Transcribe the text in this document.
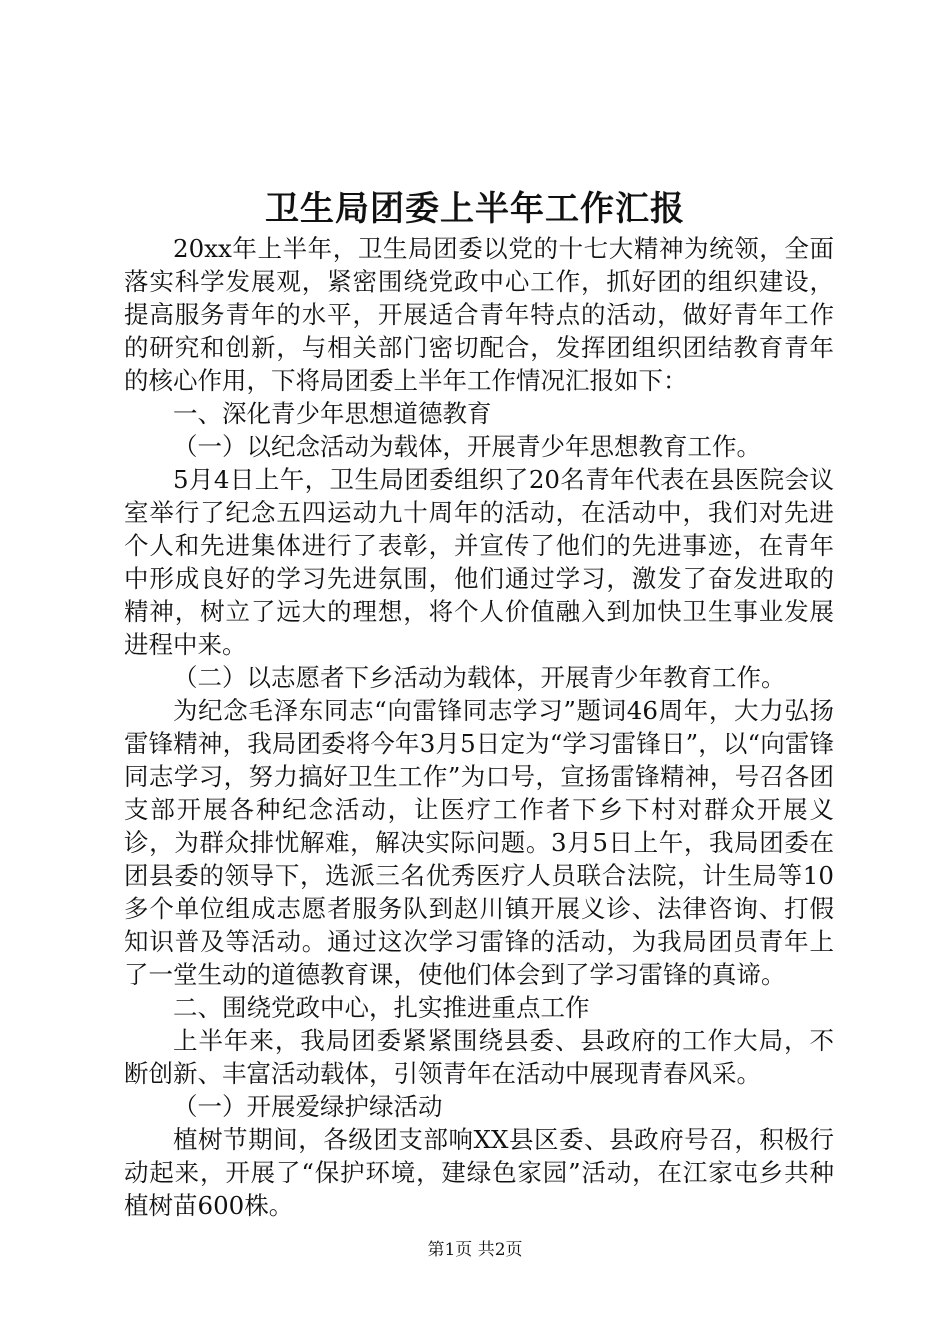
卫生局团委上半年工作汇报

20xx年上半年，卫生局团委以党的十七大精神为统领，全面落实科学发展观，紧密围绕党政中心工作，抓好团的组织建设，提高服务青年的水平，开展适合青年特点的活动，做好青年工作的研究和创新，与相关部门密切配合，发挥团组织团结教育青年的核心作用，下将局团委上半年工作情况汇报如下：

一、深化青少年思想道德教育

（一）以纪念活动为载体，开展青少年思想教育工作。

5月4日上午，卫生局团委组织了20名青年代表在县医院会议室举行了纪念五四运动九十周年的活动，在活动中，我们对先进个人和先进集体进行了表彰，并宣传了他们的先进事迹，在青年中形成良好的学习先进氛围，他们通过学习，激发了奋发进取的精神，树立了远大的理想，将个人价值融入到加快卫生事业发展进程中来。

（二）以志愿者下乡活动为载体，开展青少年教育工作。

为纪念毛泽东同志“向雷锋同志学习”题词46周年，大力弘扬雷锋精神，我局团委将今年3月5日定为“学习雷锋日”，以“向雷锋同志学习，努力搞好卫生工作”为口号，宣扬雷锋精神，号召各团支部开展各种纪念活动，让医疗工作者下乡下村对群众开展义诊，为群众排忧解难，解决实际问题。3月5日上午，我局团委在团县委的领导下，选派三名优秀医疗人员联合法院，计生局等10多个单位组成志愿者服务队到赵川镇开展义诊、法律咨询、打假知识普及等活动。通过这次学习雷锋的活动，为我局团员青年上了一堂生动的道德教育课，使他们体会到了学习雷锋的真谛。

二、围绕党政中心，扎实推进重点工作

上半年来，我局团委紧紧围绕县委、县政府的工作大局，不断创新、丰富活动载体，引领青年在活动中展现青春风采。

（一）开展爱绿护绿活动

植树节期间，各级团支部响XX县区委、县政府号召，积极行动起来，开展了“保护环境，建绿色家园”活动，在江家屯乡共种植树苗600株。

第1页 共2页
